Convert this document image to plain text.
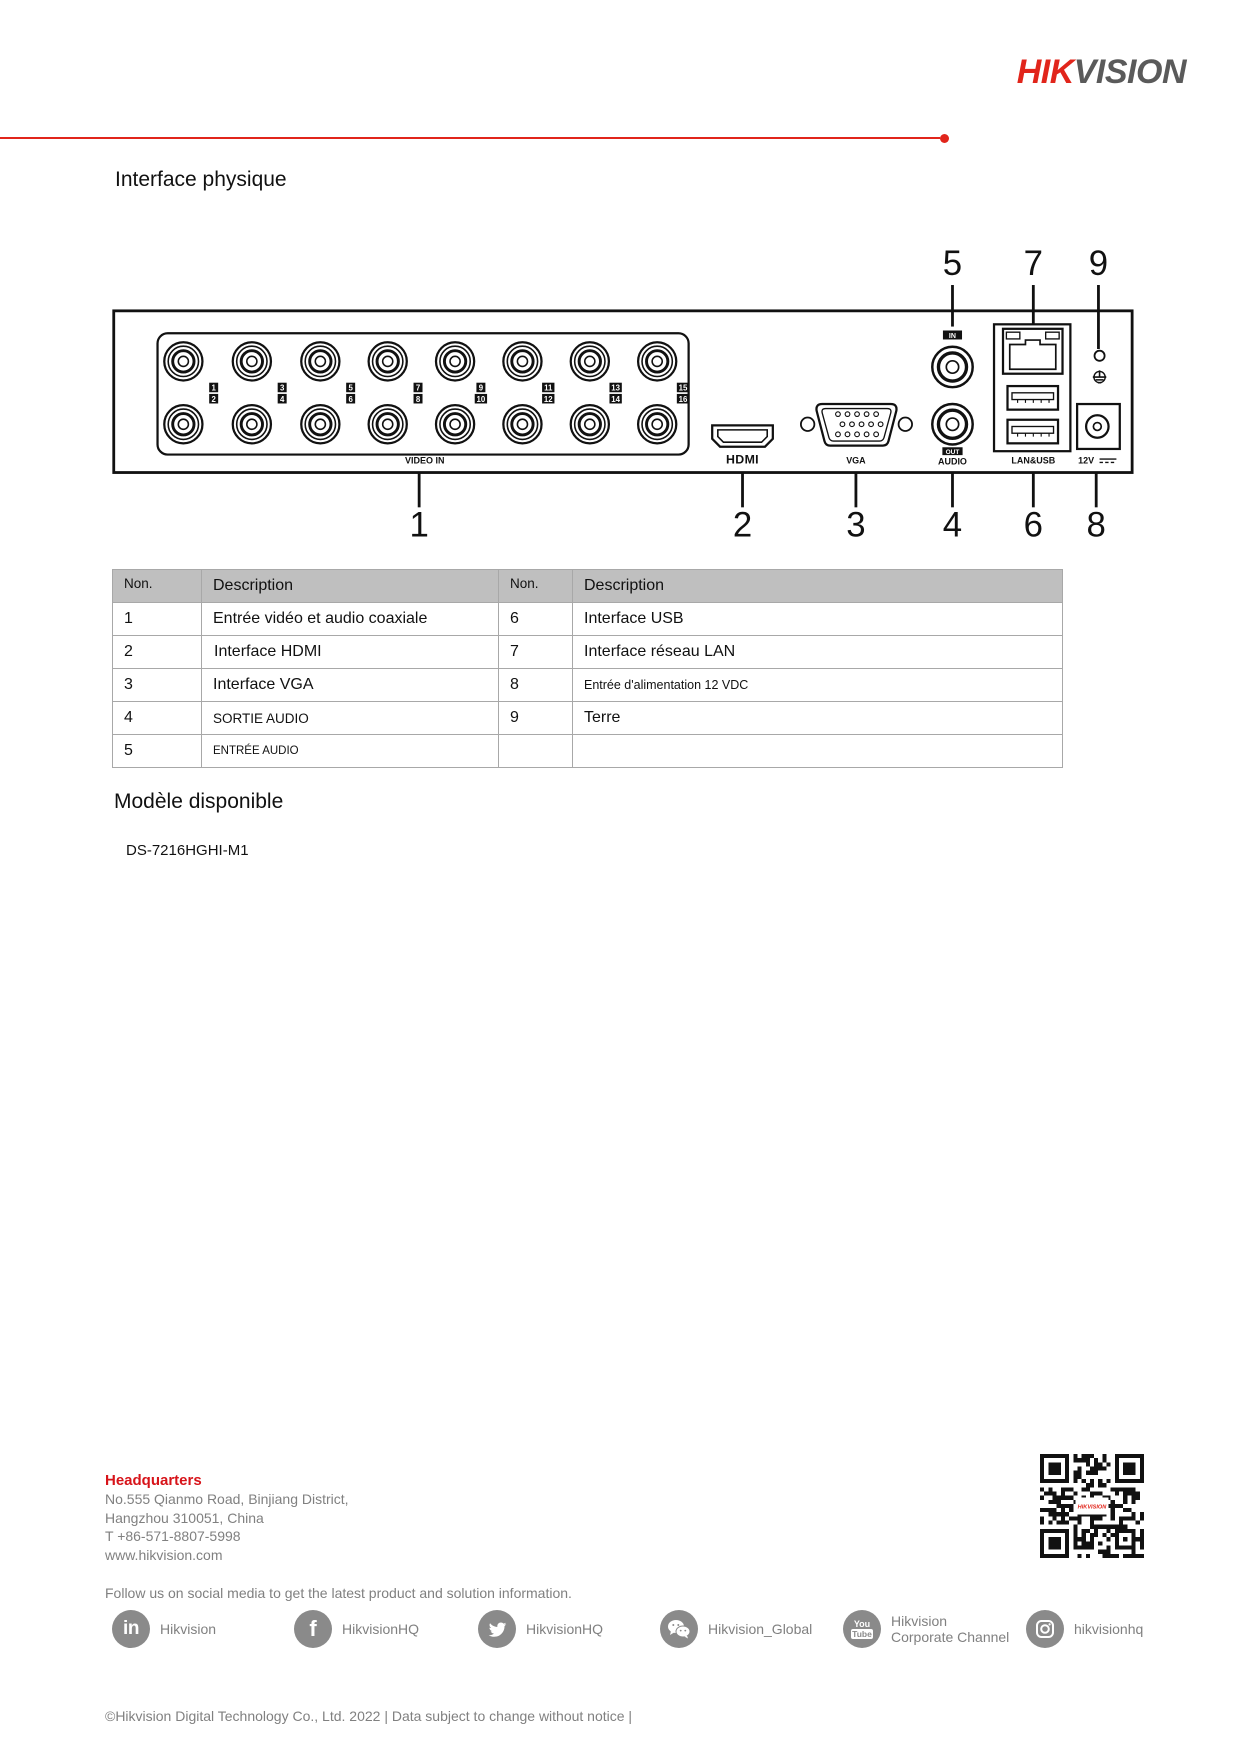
HIKVISION
Interface physique
1
2
3
4
5
6
7
8
9
10
11
12
13
14
15
16
VIDEO IN	HDMI	VGA
IN
OUT
AUDIO	LAN&USB	12V
5 7 9
1	2	3 4 6 8
Non.	Description	Non.	Description
1	Entrée vidéo et audio coaxiale	6	Interface USB
2	Interface HDMI	7	Interface réseau LAN
3	Interface VGA	8	Entrée d'alimentation 12 VDC
4	SORTIE AUDIO	9	Terre
5	ENTRÉE AUDIO		
Modèle disponible
DS-7216HGHI-M1
Headquarters
No.555 Qianmo Road, Binjiang District,
Hangzhou 310051, China
T +86-571-8807-5998
www.hikvision.com
HIKVISION
Follow us on social media to get the latest product and solution information.
in Hikvision	f HikvisionHQ	HikvisionHQ	Hikvision_Global	You
Tube
Hikvision
Corporate Channel	hikvisionhq
©Hikvision Digital Technology Co., Ltd. 2022 | Data subject to change without notice |
